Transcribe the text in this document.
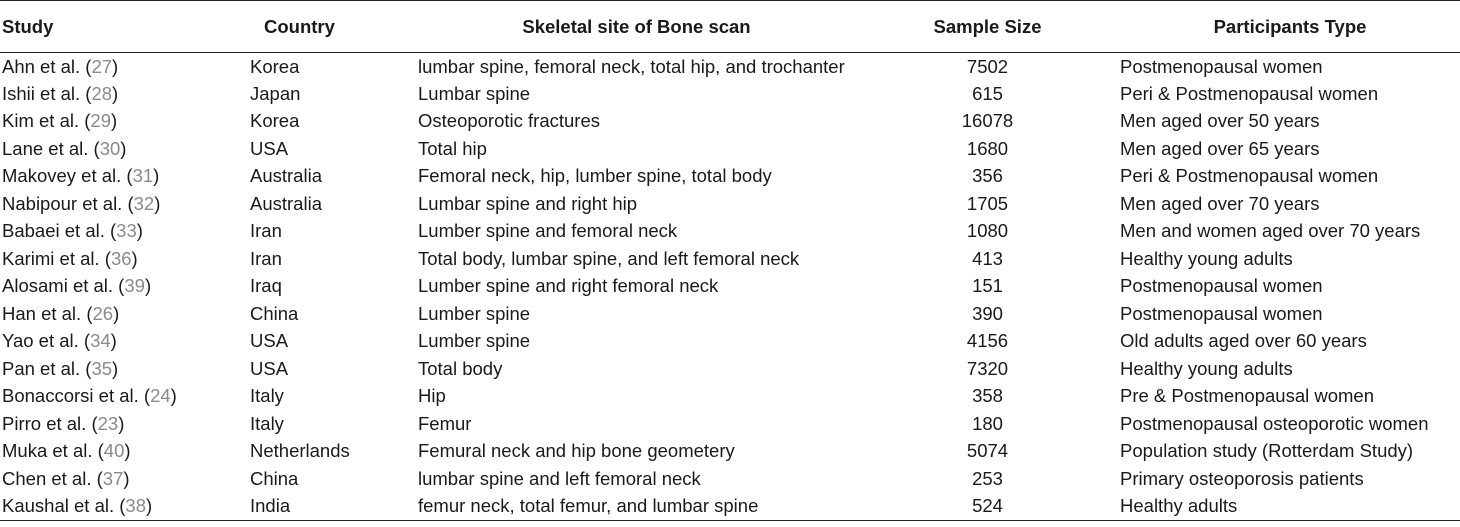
Study	Country	Skeletal site of Bone scan	Sample Size	Participants Type
Ahn et al. (27)	Korea	lumbar spine, femoral neck, total hip, and trochanter	7502	Postmenopausal women
Ishii et al. (28)	Japan	Lumbar spine	615	Peri & Postmenopausal women
Kim et al. (29)	Korea	Osteoporotic fractures	16078	Men aged over 50 years
Lane et al. (30)	USA	Total hip	1680	Men aged over 65 years
Makovey et al. (31)	Australia	Femoral neck, hip, lumber spine, total body	356	Peri & Postmenopausal women
Nabipour et al. (32)	Australia	Lumbar spine and right hip	1705	Men aged over 70 years
Babaei et al. (33)	Iran	Lumber spine and femoral neck	1080	Men and women aged over 70 years
Karimi et al. (36)	Iran	Total body, lumbar spine, and left femoral neck	413	Healthy young adults
Alosami et al. (39)	Iraq	Lumber spine and right femoral neck	151	Postmenopausal women
Han et al. (26)	China	Lumber spine	390	Postmenopausal women
Yao et al. (34)	USA	Lumber spine	4156	Old adults aged over 60 years
Pan et al. (35)	USA	Total body	7320	Healthy young adults
Bonaccorsi et al. (24)	Italy	Hip	358	Pre & Postmenopausal women
Pirro et al. (23)	Italy	Femur	180	Postmenopausal osteoporotic women
Muka et al. (40)	Netherlands	Femural neck and hip bone geometery	5074	Population study (Rotterdam Study)
Chen et al. (37)	China	lumbar spine and left femoral neck	253	Primary osteoporosis patients
Kaushal et al. (38)	India	femur neck, total femur, and lumbar spine	524	Healthy adults
